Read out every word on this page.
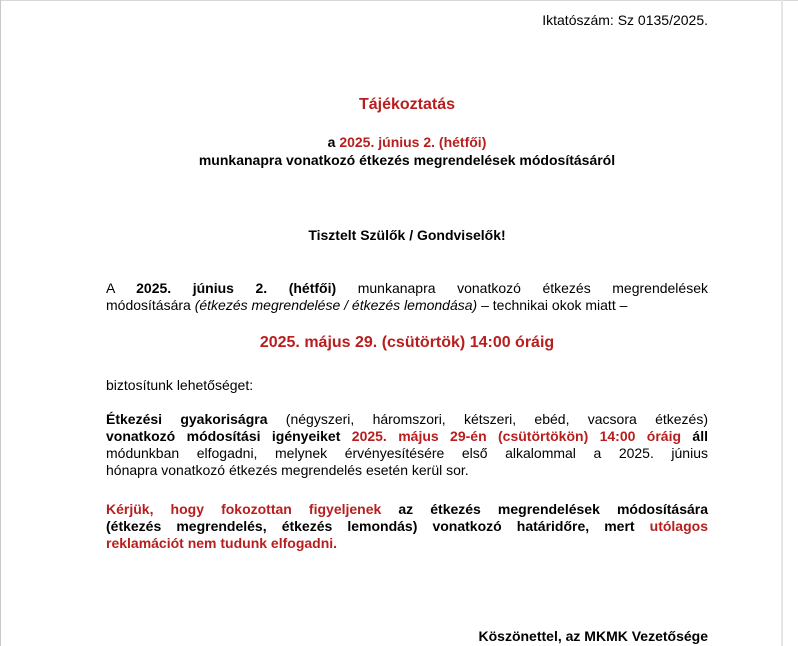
Iktatószám: Sz 0135/2025.

Tájékoztatás

a 2025. június 2. (hétfői)

munkanapra vonatkozó étkezés megrendelések módosításáról

Tisztelt Szülők / Gondviselők!

A 2025. június 2. (hétfői) munkanapra vonatkozó étkezés megrendelések

módosítására (étkezés megrendelése / étkezés lemondása) – technikai okok miatt –

2025. május 29. (csütörtök) 14:00 óráig

biztosítunk lehetőséget:

Étkezési gyakoriságra (négyszeri, háromszori, kétszeri, ebéd, vacsora étkezés)

vonatkozó módosítási igényeiket 2025. május 29-én (csütörtökön) 14:00 óráig áll

módunkban elfogadni, melynek érvényesítésére első alkalommal a 2025. június

hónapra vonatkozó étkezés megrendelés esetén kerül sor.

Kérjük, hogy fokozottan figyeljenek az étkezés megrendelések módosítására

(étkezés megrendelés, étkezés lemondás) vonatkozó határidőre, mert utólagos

reklamációt nem tudunk elfogadni.

Köszönettel, az MKMK Vezetősége
